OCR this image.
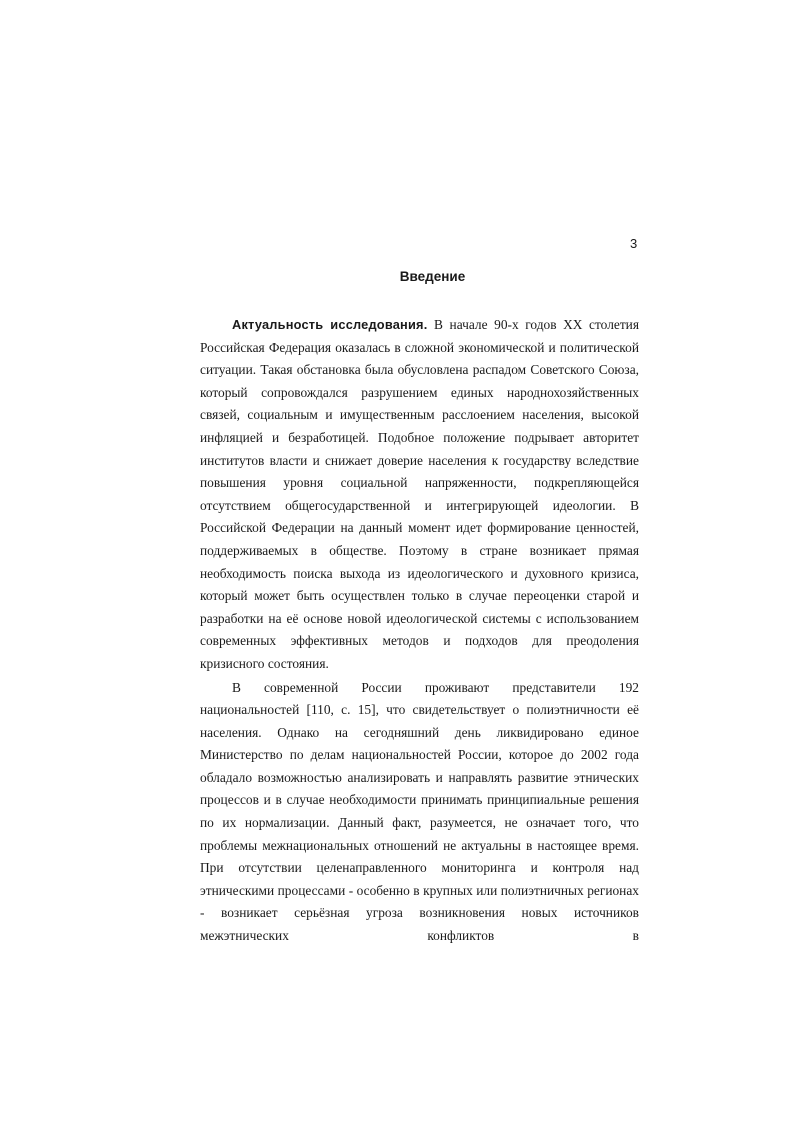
3
Введение

Актуальность исследования. В начале 90-х годов XX столетия Российская Федерация оказалась в сложной экономической и политической ситуации. Такая обстановка была обусловлена распадом Советского Союза, который сопровождался разрушением единых народнохозяйственных связей, социальным и имущественным расслоением населения, высокой инфляцией и безработицей. Подобное положение подрывает авторитет институтов власти и снижает доверие населения к государству вследствие повышения уровня социальной напряженности, подкрепляющейся отсутствием общегосударственной и интегрирующей идеологии. В Российской Федерации на данный момент идет формирование ценностей, поддерживаемых в обществе. Поэтому в стране возникает прямая необходимость поиска выхода из идеологического и духовного кризиса, который может быть осуществлен только в случае переоценки старой и разработки на её основе новой идеологической системы с использованием современных эффективных методов и подходов для преодоления кризисного состояния.

В современной России проживают представители 192 национальностей [110, с. 15], что свидетельствует о полиэтничности её населения. Однако на сегодняшний день ликвидировано единое Министерство по делам национальностей России, которое до 2002 года обладало возможностью анализировать и направлять развитие этнических процессов и в случае необходимости принимать принципиальные решения по их нормализации. Данный факт, разумеется, не означает того, что проблемы межнациональных отношений не актуальны в настоящее время. При отсутствии целенаправленного мониторинга и контроля над этническими процессами - особенно в крупных или полиэтничных регионах - возникает серьёзная угроза возникновения новых источников межэтнических конфликтов в
